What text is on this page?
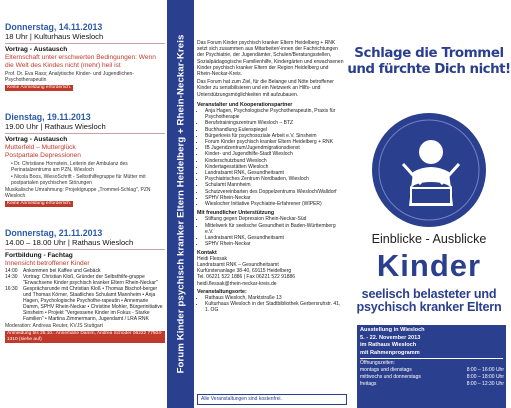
Donnerstag, 14.11.2013
18 Uhr | Kulturhaus Wiesloch
Vortrag - Austausch
Elternschaft unter erschwerten Bedingungen: Wenn die Welt des Kindes nicht (mehr) heil ist

Prof. Dr. Eva Rass; Analytische Kinder- und Jugendlichen-Psychotherapeutin

Keine Anmeldung erforderlich.
Dienstag, 19.11.2013
19.00 Uhr | Rathaus Wiesloch
Vortrag - Austausch
Mutterfeld – Mutterglück
Postpartale Depressionen

• Dr. Christiane Hornstein, Leiterin der Ambulanz des Perinatalzentrums am PZN, Wiesloch

• Nicola Boos, WiesoSchrift - Selbsthilfegruppe für Mütter mit postpartalen psychischen Störungen

Musikalische Umrahmung: Projektgruppe „Trommel-Schlag", PZN Wiesloch

Keine Anmeldung erforderlich.
Donnerstag, 21.11.2013
14.00 – 18.00 Uhr | Rathaus Wiesloch
Fortbildung - Fachtag
Innensicht betroffener Kinder
14:00	Ankommen bei Kaffee und Gebäck
14:30	Vortrag: Christian Kloß, Gründer der Selbsthilfe-gruppe "Erwachsene Kinder psychisch kranker Eltern Rhein-Neckar"
16:30	Gesprächsrunde mit Christian Kloß • Thomas Bischof-berger und Thomas Körner, Staatliches Schulamt Mannheim • Anja Hagen, Psychologische Psychothe-rapeutin • Annemarie Damm, SPHV Rhein-Neckar • Christine Mohler, Bürgerinitiative Sinsheim • Projekt "Vergessene Kinder im Fokus - Starke Familien" • Martina Zimmermann, Jugendamt / LRA RNK

Moderation: Andreas Reuter, KVJS Stuttgart

Anmeldung bis 25.10.: Annemarie Damm, Andrea Schoder 06222 77504-1310 (siehe auf)	Forum Kinder psychisch kranker Eltern Heidelberg + Rhein-Neckar-Kreis Das Forum Kinder psychisch kranker Eltern Heidelberg + RNK setzt sich zusammen aus Mitarbeiter/-innen der Fachrichtungen der Psychiatrie, der Jugendämter, Schulen/Beratungsstellen, Sozialpädagogische Familienhilfe, Kindergärten und erwachsenen Kinder psychisch kranker Eltern der Region Heidelberg und Rhein-Neckar-Kreis.
Das Forum hat zum Ziel, für die Belange und Nöte betroffener Kinder zu sensibilisieren und ein Netzwerk an Hilfs- und Unterstützungsmöglichkeiten mit aufzubauen.
Veranstalter und Kooperationspartner
• Anja Hagen, Psychologische Psychotherapeutin, Praxis für Psychotherapie
• Berufstrainingszentrum Wiesloch – BTZ
• Buchhandlung Eulenspiegel
• Bürgerkreis für psychosoziale Arbeit e.V. Sinsheim
• Forum Kinder psychisch kranker Eltern Heidelberg + RNK
• IB Jugendzentrum/Jugendmigrationsdienst
• Kinder- und Jugendhilfe-Stadt Wiesloch
• Kinderschutzbund Wiesloch
• Kindertagesstätten Wiesloch
• Landratsamt RNK, Gesundheitsamt
• Psychiatrisches Zentrum Nordbaden, Wiesloch
• Schulamt Mannheim
• Schutzvereinbarten des Doppelzentrums Wiesloch/Walldorf
• SPHV Rhein-Neckar
• Wieslocher Initiative Psychiatrie-Erfahrener (WIPER)
Mit freundlicher Unterstützung
• Stiftung gegen Depression Rhein-Neckar-Süd
• Mittelwerk für seelische Gesundheit in Baden-Württemberg e.V.
• Landratsamt RNK, Gesundheitsamt
• SPHV Rhein-Neckar
Kontakt
Heidi Flessak
Landratsamt RNK – Gesundheitsamt
Kurfürstenanlage 38-40, 69115 Heidelberg
Tel. 06221 522 1886 | Fax 06221 522 91886
heidi.flessak@rhein-neckar-kreis.de
Veranstaltungsorte:
• Rathaus Wiesloch, Marktstraße 13
• Kulturhaus Wiesloch in der Stadtbibliothek Gerbersruhstr. 41, 1. OG
Alle Veranstaltungen sind kostenfrei.
Schlage die Trommel
und fürchte Dich nicht!
Einblicke - Ausblicke
Kinder
seelisch belasteter und
psychisch kranker Eltern
Ausstellung in Wiesloch
5. - 22. November 2013
im Rathaus Wiesloch
mit Rahmenprogramm
Öffnungszeiten:
montags und dienstags	8:00 – 16:00 Uhr
mittwochs und donnerstags	8:00 – 18:00 Uhr
freitags	8:00 – 12:30 Uhr
